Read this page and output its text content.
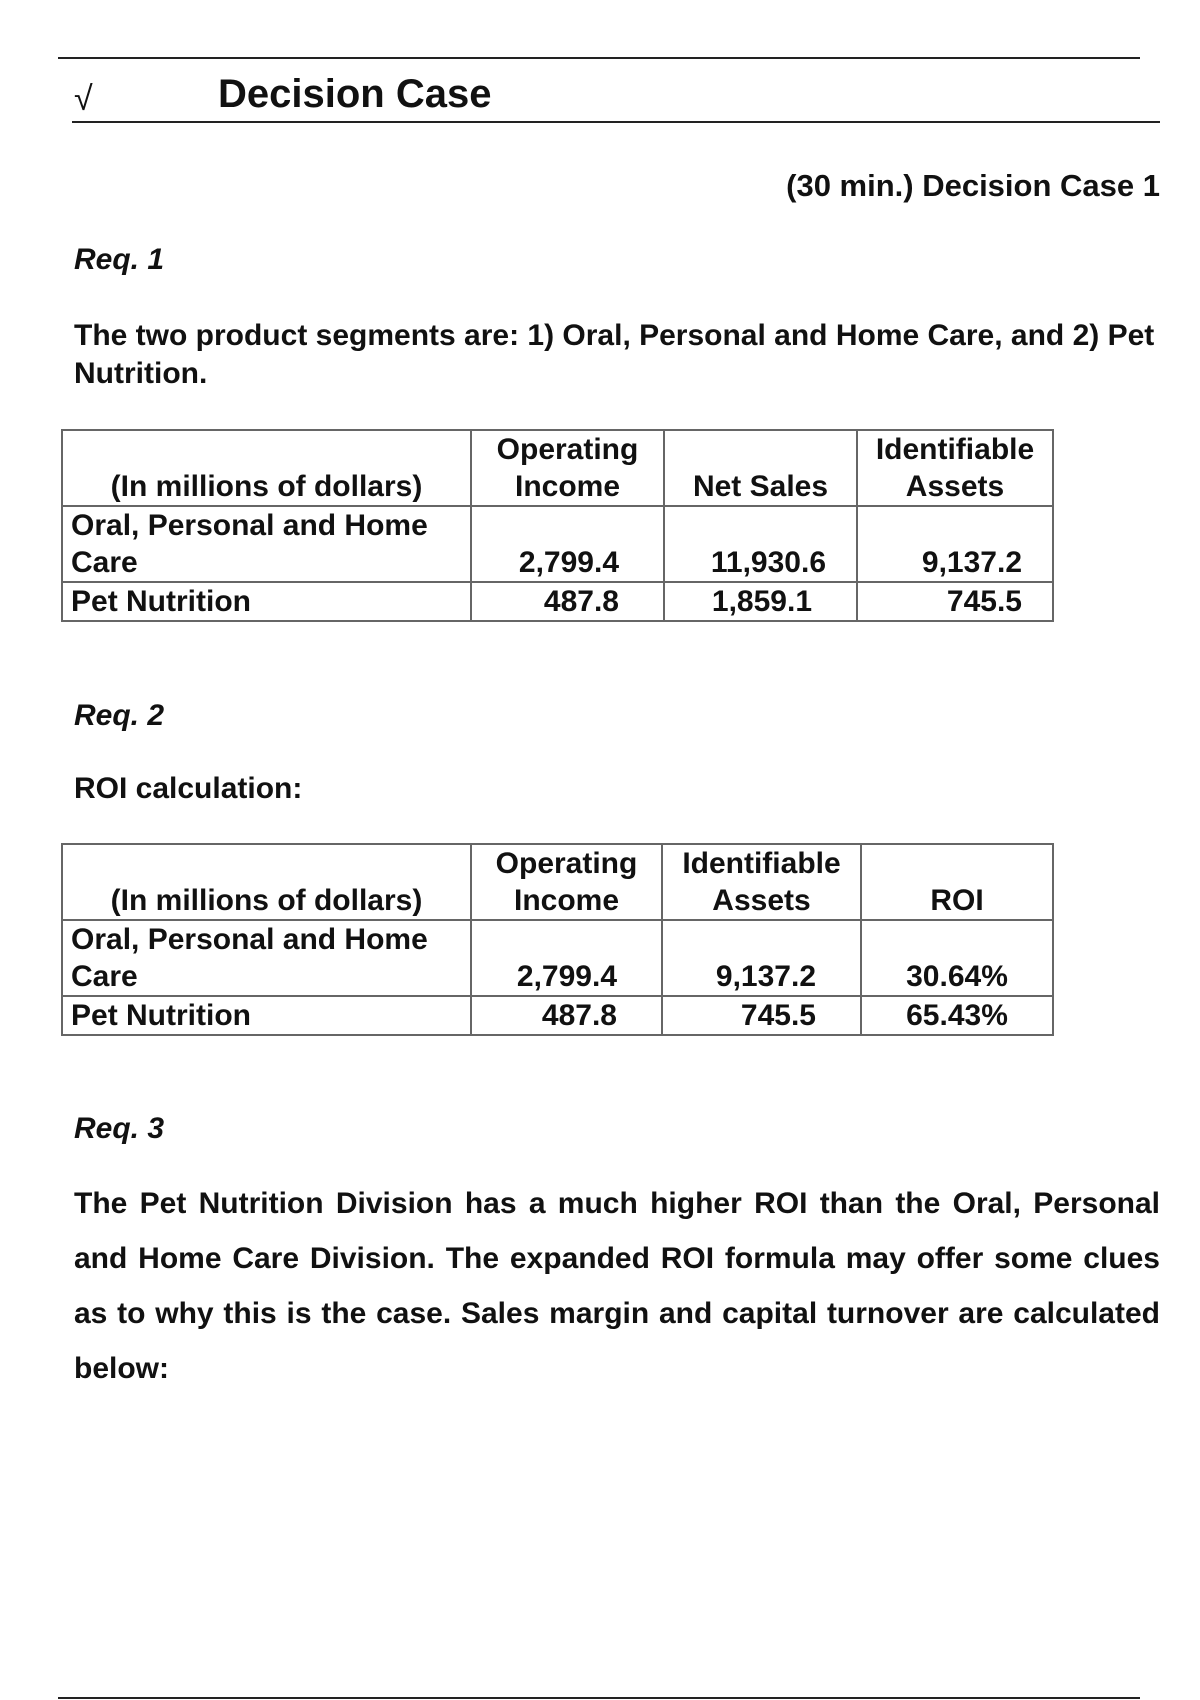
√	Decision Case
(30 min.) Decision Case 1
Req. 1
The two product segments are: 1) Oral, Personal and Home Care, and 2) Pet Nutrition.
(In millions of dollars)	Operating Income	Net Sales	Identifiable Assets
Oral, Personal and Home Care	2,799.4	11,930.6	9,137.2
Pet Nutrition	487.8	1,859.1	745.5
Req. 2
ROI calculation:
(In millions of dollars)	Operating Income	Identifiable Assets	ROI
Oral, Personal and Home Care	2,799.4	9,137.2	30.64%
Pet Nutrition	487.8	745.5	65.43%
Req. 3
The Pet Nutrition Division has a much higher ROI than the Oral, Personal and Home Care Division. The expanded ROI formula may offer some clues as to why this is the case. Sales margin and capital turnover are calculated below:
